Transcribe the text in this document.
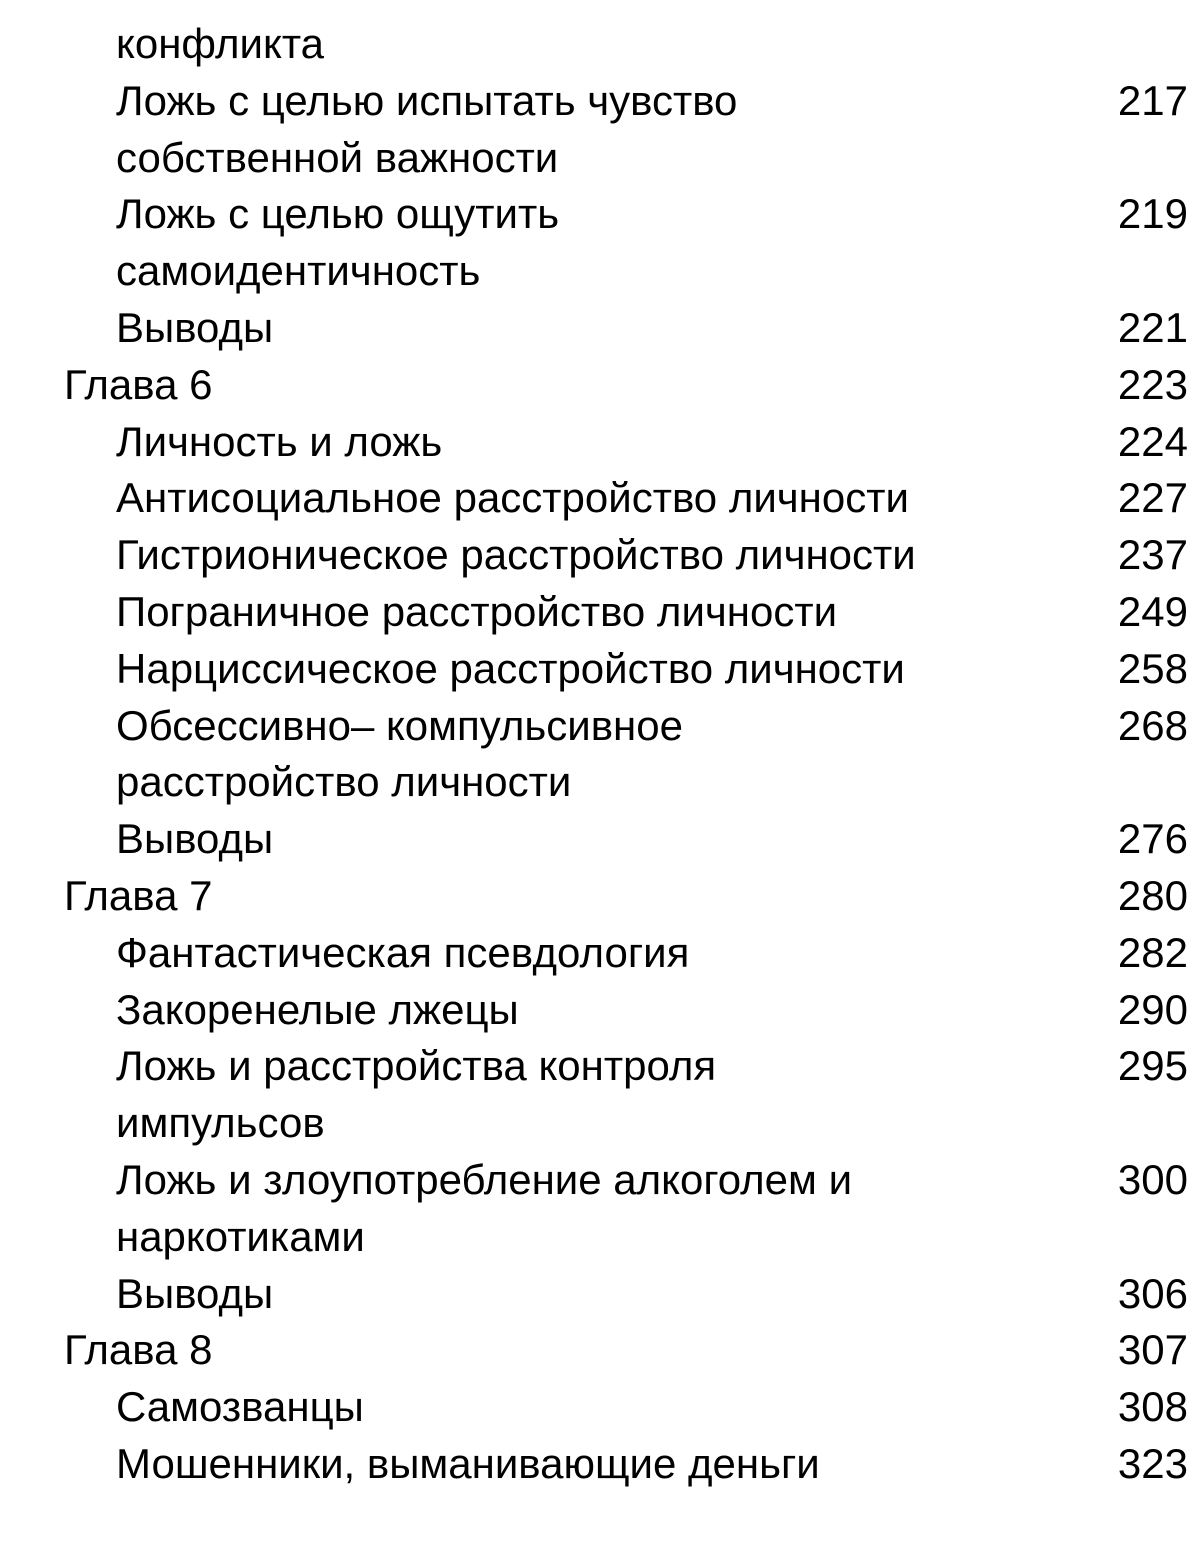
конфликта
Ложь с целью испытать чувство	217
собственной важности
Ложь с целью ощутить	219
самоидентичность
Выводы	221
Глава 6	223
Личность и ложь	224
Антисоциальное расстройство личности	227
Гистрионическое расстройство личности	237
Пограничное расстройство личности	249
Нарциссическое расстройство личности	258
Обсессивно– компульсивное	268
расстройство личности
Выводы	276
Глава 7	280
Фантастическая псевдология	282
Закоренелые лжецы	290
Ложь и расстройства контроля	295
импульсов
Ложь и злоупотребление алкоголем и	300
наркотиками
Выводы	306
Глава 8	307
Самозванцы	308
Мошенники, выманивающие деньги	323
